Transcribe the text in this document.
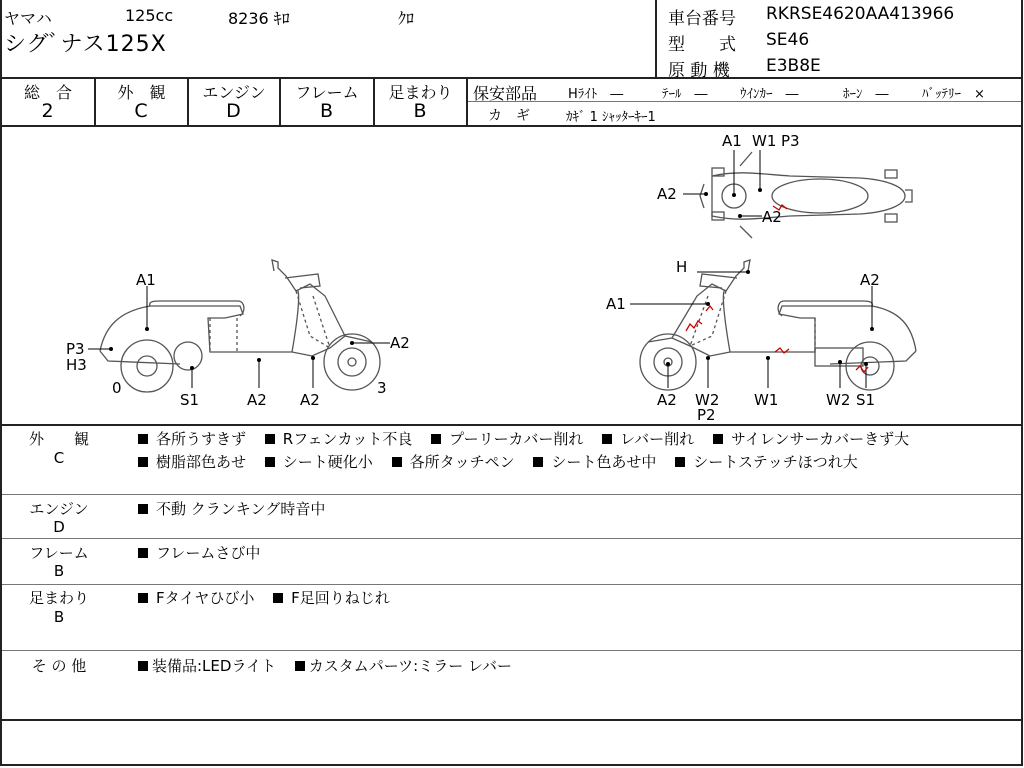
ヤマハ	125cc	8236 ｷﾛ	ｸﾛ
シグﾞナス125X
車台番号 RKRSE4620AA413966
型　　式 SE46
原 動 機 E3B8E
総　合
2
外　観
C
エンジン
D
フレーム
B
足まわり
B
保安部品 Hﾗｲﾄ　―	ﾃｰﾙ　― ｳｲﾝｶｰ　―	ﾎｰﾝ　―	ﾊﾞｯﾃﾘｰ　×
カ　ギ	ｶｷﾞ 1 ｼｬｯﾀｰｷｰ1
A1
P3
H3
A2
0
S1	A2 A2
3
A1 W1 P3
A2
A2
H
A1
A2
A2 W2
P2
W1	W2 S1
外　　観
C
各所うすきず Rフェンカット不良 プーリーカバー削れ レバー削れ サイレンサーカバーきず大
樹脂部色あせ シート硬化小 各所タッチペン シート色あせ中 シートステッチほつれ大
エンジン
D
不動 クランキング時音中
フレーム
B
フレームさび中
足まわり
B
Fタイヤひび小 F足回りねじれ
そ の 他	装備品:LEDライト カスタムパーツ:ミラー レバー
